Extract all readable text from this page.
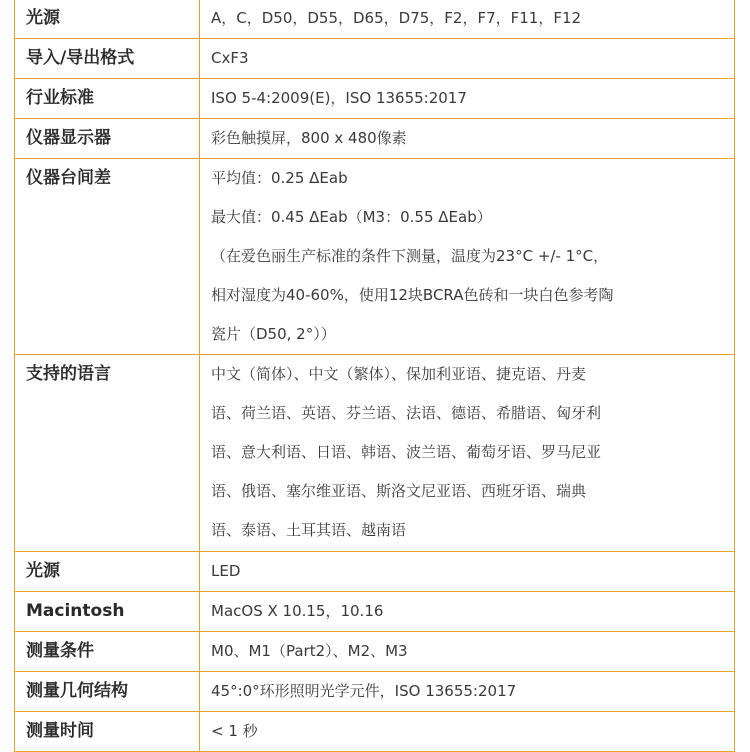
光源	A，C，D50，D55，D65，D75，F2，F7，F11，F12

导入/导出格式	CxF3

行业标准	ISO 5-4:2009(E)，ISO 13655:2017

仪器显示器	彩色触摸屏，800 x 480像素

仪器台间差	平均值：0.25 ΔEab
最大值：0.45 ΔEab（M3：0.55 ΔEab）
（在爱色丽生产标准的条件下测量，温度为23°C +/- 1°C，
相对湿度为40-60%，使用12块BCRA色砖和一块白色参考陶
瓷片（D50, 2°））

支持的语言	中文（简体）、中文（繁体）、保加利亚语、捷克语、丹麦
语、荷兰语、英语、芬兰语、法语、德语、希腊语、匈牙利
语、意大利语、日语、韩语、波兰语、葡萄牙语、罗马尼亚
语、俄语、塞尔维亚语、斯洛文尼亚语、西班牙语、瑞典
语、泰语、土耳其语、越南语

光源	LED

Macintosh	MacOS X 10.15，10.16

测量条件	M0、M1（Part2）、M2、M3

测量几何结构	45°:0°环形照明光学元件，ISO 13655:2017

测量时间	< 1 秒
